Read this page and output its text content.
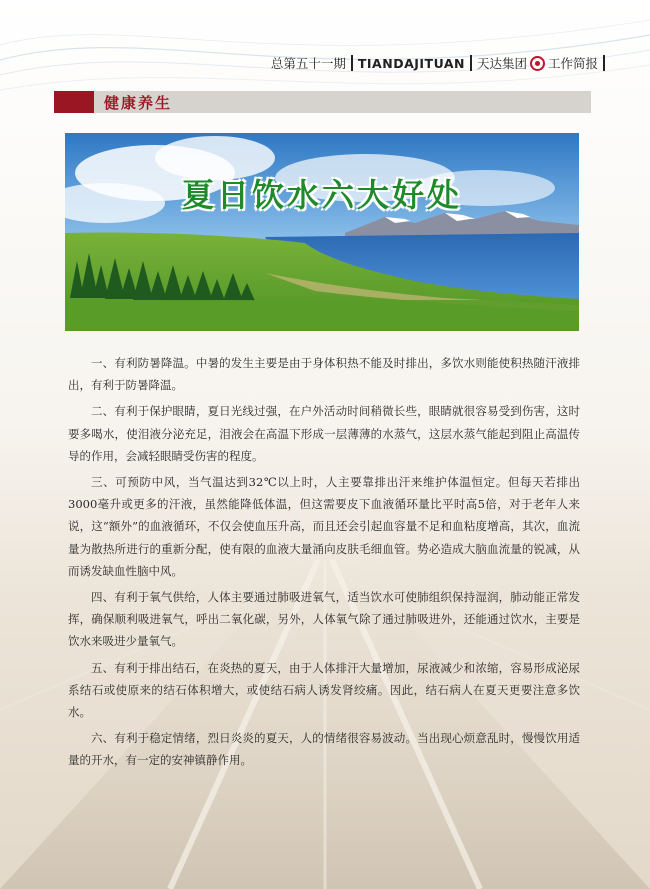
总第五十一期 TIANDAJITUAN 天达集团 工作简报
健康养生
夏日饮水六大好处

一、有利防暑降温。中暑的发生主要是由于身体积热不能及时排出，多饮水则能使积热随汗液排出，有利于防暑降温。

二、有利于保护眼睛，夏日光线过强，在户外活动时间稍微长些，眼睛就很容易受到伤害，这时要多喝水，使泪液分泌充足，泪液会在高温下形成一层薄薄的水蒸气，这层水蒸气能起到阻止高温传导的作用，会减轻眼睛受伤害的程度。

三、可预防中风，当气温达到32℃以上时，人主要靠排出汗来维护体温恒定。但每天若排出3000毫升或更多的汗液，虽然能降低体温，但这需要皮下血液循环量比平时高5倍，对于老年人来说，这“额外”的血液循环，不仅会使血压升高，而且还会引起血容量不足和血粘度增高，其次，血流量为散热所进行的重新分配，使有限的血液大量涌向皮肤毛细血管。势必造成大脑血流量的锐减，从而诱发缺血性脑中风。

四、有利于氧气供给，人体主要通过肺吸进氧气，适当饮水可使肺组织保持湿润，肺动能正常发挥，确保顺利吸进氧气，呼出二氧化碳，另外，人体氧气除了通过肺吸进外，还能通过饮水，主要是饮水来吸进少量氧气。

五、有利于排出结石，在炎热的夏天，由于人体排汗大量增加，尿液减少和浓缩，容易形成泌尿系结石或使原来的结石体积增大，或使结石病人诱发肾绞痛。因此，结石病人在夏天更要注意多饮水。

六、有利于稳定情绪，烈日炎炎的夏天，人的情绪很容易波动。当出现心烦意乱时，慢慢饮用适量的开水，有一定的安神镇静作用。
